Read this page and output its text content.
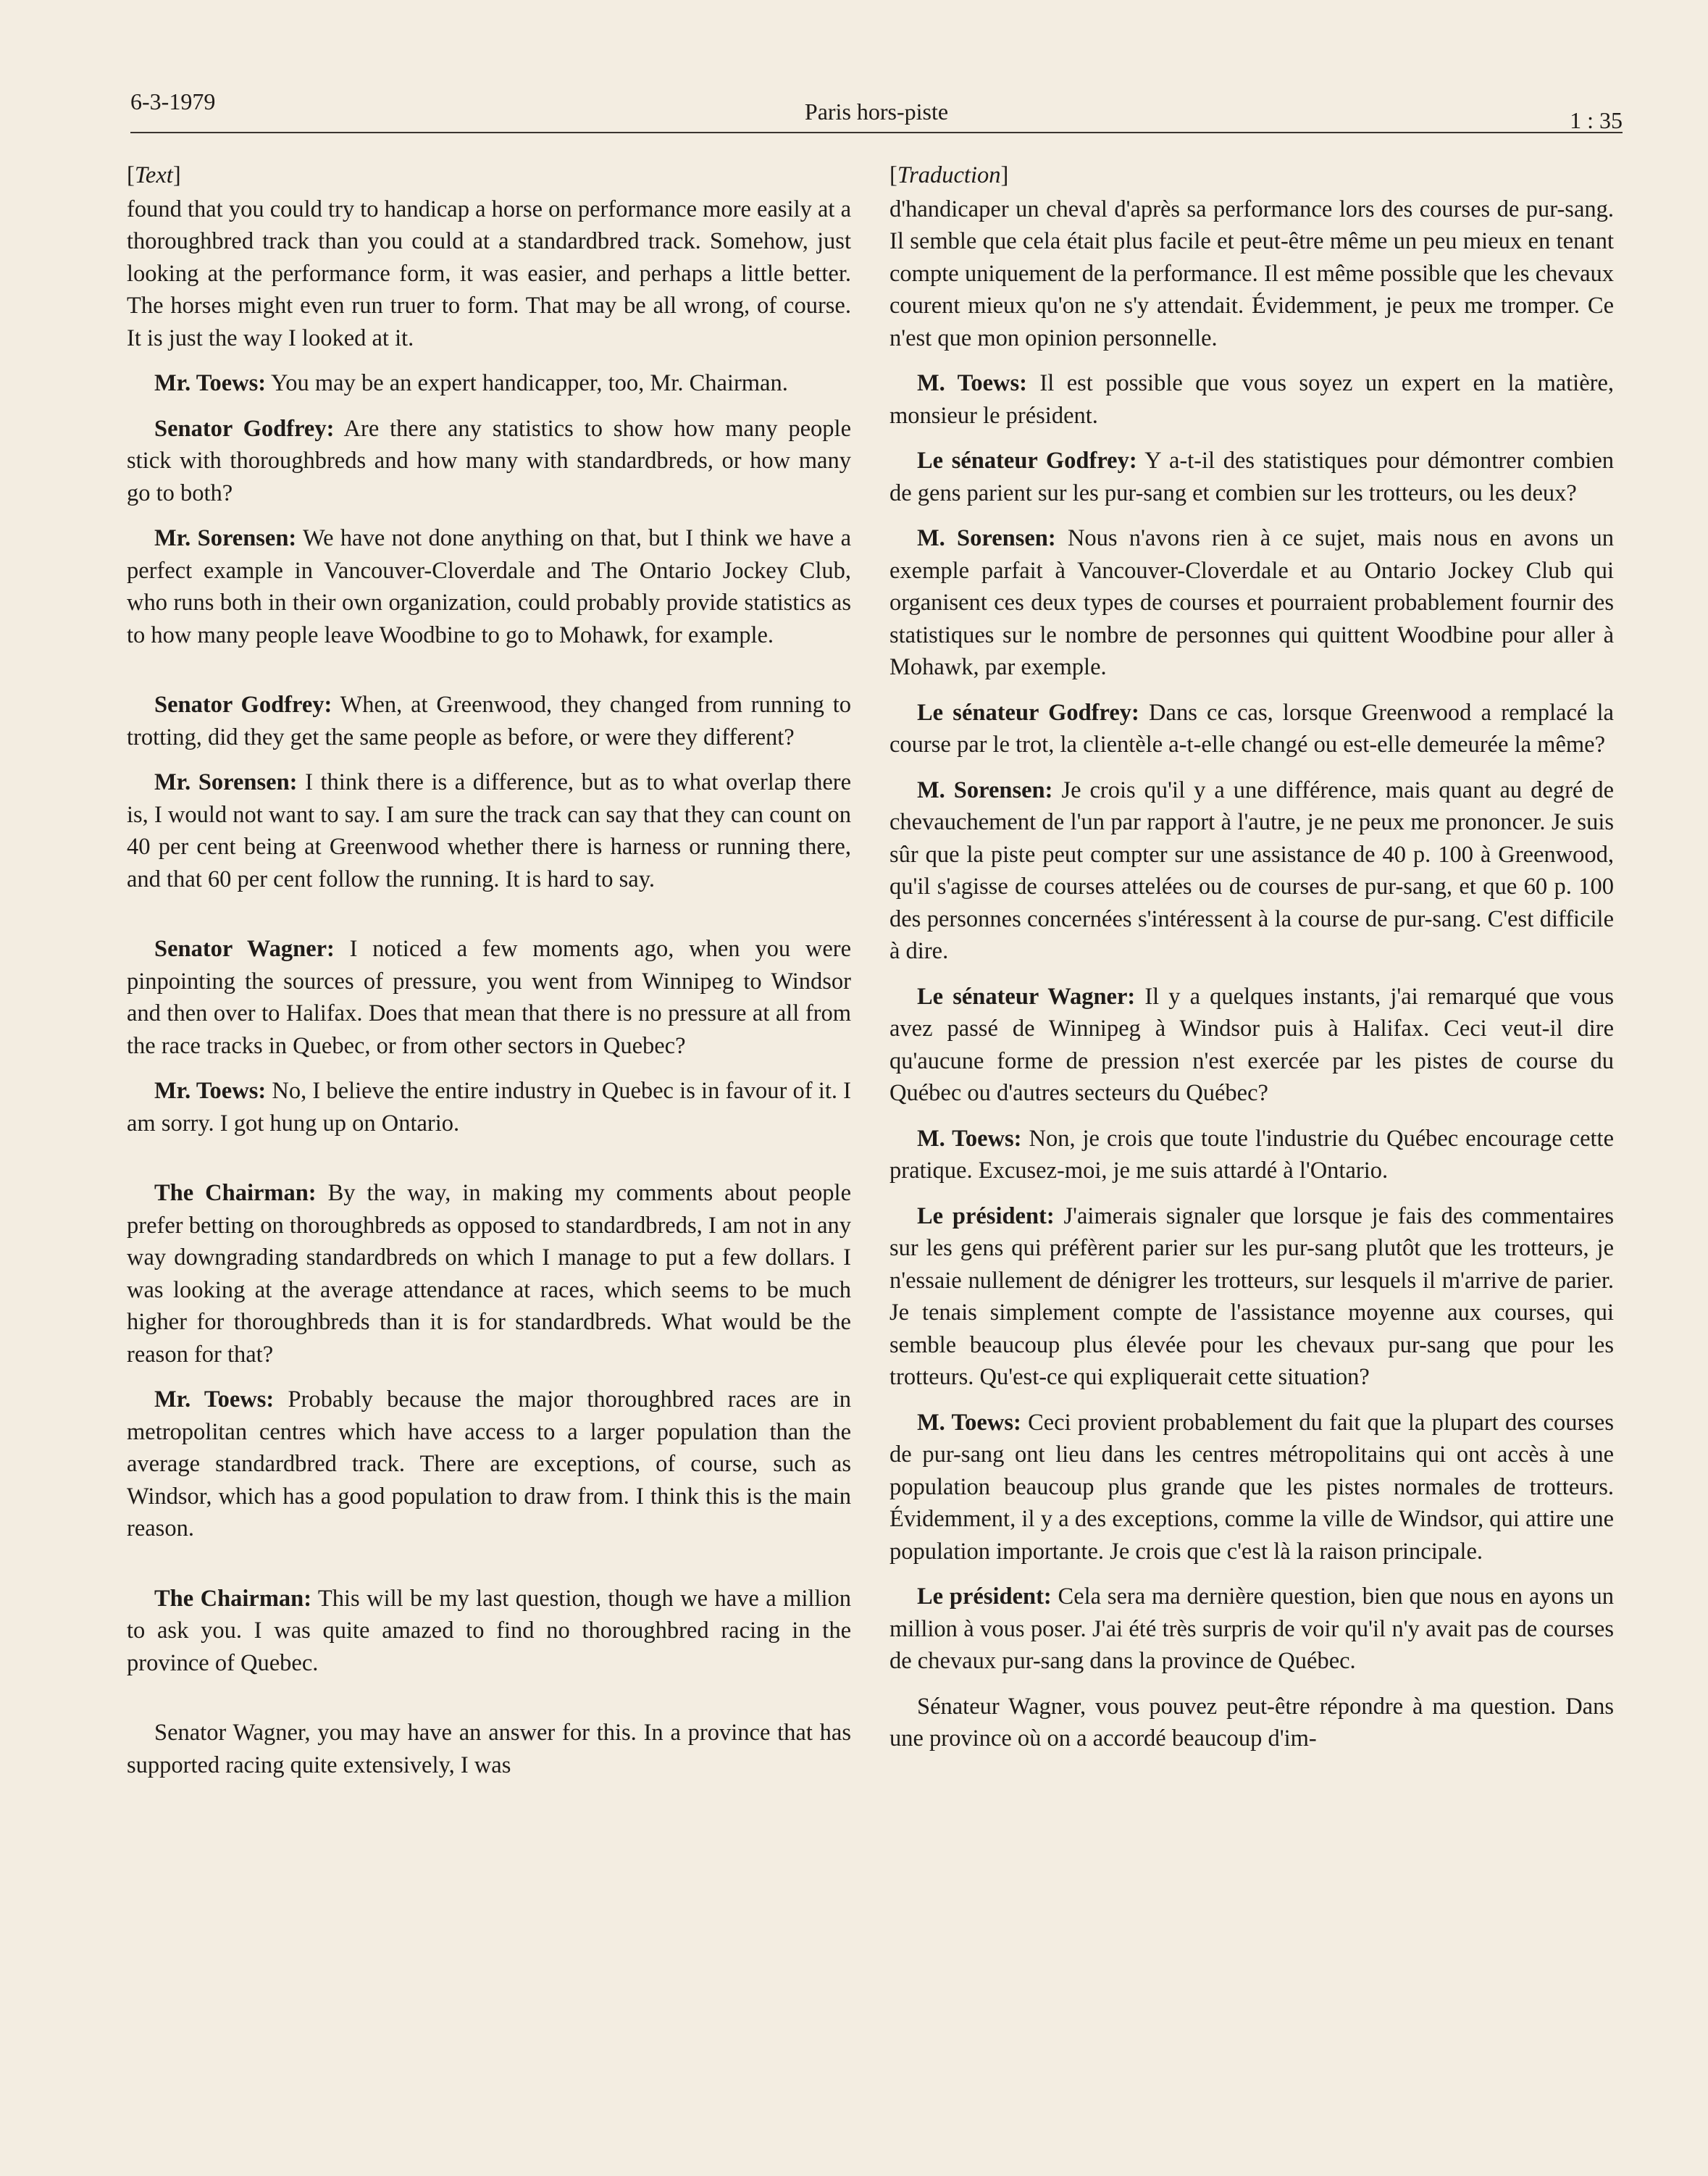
6-3-1979	Paris hors-piste	1 : 35
[Text]

found that you could try to handicap a horse on performance more easily at a thoroughbred track than you could at a standardbred track. Somehow, just looking at the performance form, it was easier, and perhaps a little better. The horses might even run truer to form. That may be all wrong, of course. It is just the way I looked at it.

Mr. Toews: You may be an expert handicapper, too, Mr. Chairman.

Senator Godfrey: Are there any statistics to show how many people stick with thoroughbreds and how many with standardbreds, or how many go to both?

Mr. Sorensen: We have not done anything on that, but I think we have a perfect example in Vancouver-Cloverdale and The Ontario Jockey Club, who runs both in their own organization, could probably provide statistics as to how many people leave Woodbine to go to Mohawk, for example.

Senator Godfrey: When, at Greenwood, they changed from running to trotting, did they get the same people as before, or were they different?

Mr. Sorensen: I think there is a difference, but as to what overlap there is, I would not want to say. I am sure the track can say that they can count on 40 per cent being at Greenwood whether there is harness or running there, and that 60 per cent follow the running. It is hard to say.

Senator Wagner: I noticed a few moments ago, when you were pinpointing the sources of pressure, you went from Winnipeg to Windsor and then over to Halifax. Does that mean that there is no pressure at all from the race tracks in Quebec, or from other sectors in Quebec?

Mr. Toews: No, I believe the entire industry in Quebec is in favour of it. I am sorry. I got hung up on Ontario.

The Chairman: By the way, in making my comments about people prefer betting on thoroughbreds as opposed to standardbreds, I am not in any way downgrading standardbreds on which I manage to put a few dollars. I was looking at the average attendance at races, which seems to be much higher for thoroughbreds than it is for standardbreds. What would be the reason for that?

Mr. Toews: Probably because the major thoroughbred races are in metropolitan centres which have access to a larger population than the average standardbred track. There are exceptions, of course, such as Windsor, which has a good population to draw from. I think this is the main reason.

The Chairman: This will be my last question, though we have a million to ask you. I was quite amazed to find no thoroughbred racing in the province of Quebec.

Senator Wagner, you may have an answer for this. In a province that has supported racing quite extensively, I was

[Traduction]

d'handicaper un cheval d'après sa performance lors des courses de pur-sang. Il semble que cela était plus facile et peut-être même un peu mieux en tenant compte uniquement de la performance. Il est même possible que les chevaux courent mieux qu'on ne s'y attendait. Évidemment, je peux me tromper. Ce n'est que mon opinion personnelle.

M. Toews: Il est possible que vous soyez un expert en la matière, monsieur le président.

Le sénateur Godfrey: Y a-t-il des statistiques pour démontrer combien de gens parient sur les pur-sang et combien sur les trotteurs, ou les deux?

M. Sorensen: Nous n'avons rien à ce sujet, mais nous en avons un exemple parfait à Vancouver-Cloverdale et au Ontario Jockey Club qui organisent ces deux types de courses et pourraient probablement fournir des statistiques sur le nombre de personnes qui quittent Woodbine pour aller à Mohawk, par exemple.

Le sénateur Godfrey: Dans ce cas, lorsque Greenwood a remplacé la course par le trot, la clientèle a-t-elle changé ou est-elle demeurée la même?

M. Sorensen: Je crois qu'il y a une différence, mais quant au degré de chevauchement de l'un par rapport à l'autre, je ne peux me prononcer. Je suis sûr que la piste peut compter sur une assistance de 40 p. 100 à Greenwood, qu'il s'agisse de courses attelées ou de courses de pur-sang, et que 60 p. 100 des personnes concernées s'intéressent à la course de pur-sang. C'est difficile à dire.

Le sénateur Wagner: Il y a quelques instants, j'ai remarqué que vous avez passé de Winnipeg à Windsor puis à Halifax. Ceci veut-il dire qu'aucune forme de pression n'est exercée par les pistes de course du Québec ou d'autres secteurs du Québec?

M. Toews: Non, je crois que toute l'industrie du Québec encourage cette pratique. Excusez-moi, je me suis attardé à l'Ontario.

Le président: J'aimerais signaler que lorsque je fais des commentaires sur les gens qui préfèrent parier sur les pur-sang plutôt que les trotteurs, je n'essaie nullement de dénigrer les trotteurs, sur lesquels il m'arrive de parier. Je tenais simplement compte de l'assistance moyenne aux courses, qui semble beaucoup plus élevée pour les chevaux pur-sang que pour les trotteurs. Qu'est-ce qui expliquerait cette situation?

M. Toews: Ceci provient probablement du fait que la plupart des courses de pur-sang ont lieu dans les centres métropolitains qui ont accès à une population beaucoup plus grande que les pistes normales de trotteurs. Évidemment, il y a des exceptions, comme la ville de Windsor, qui attire une population importante. Je crois que c'est là la raison principale.

Le président: Cela sera ma dernière question, bien que nous en ayons un million à vous poser. J'ai été très surpris de voir qu'il n'y avait pas de courses de chevaux pur-sang dans la province de Québec.

Sénateur Wagner, vous pouvez peut-être répondre à ma question. Dans une province où on a accordé beaucoup d'im-
